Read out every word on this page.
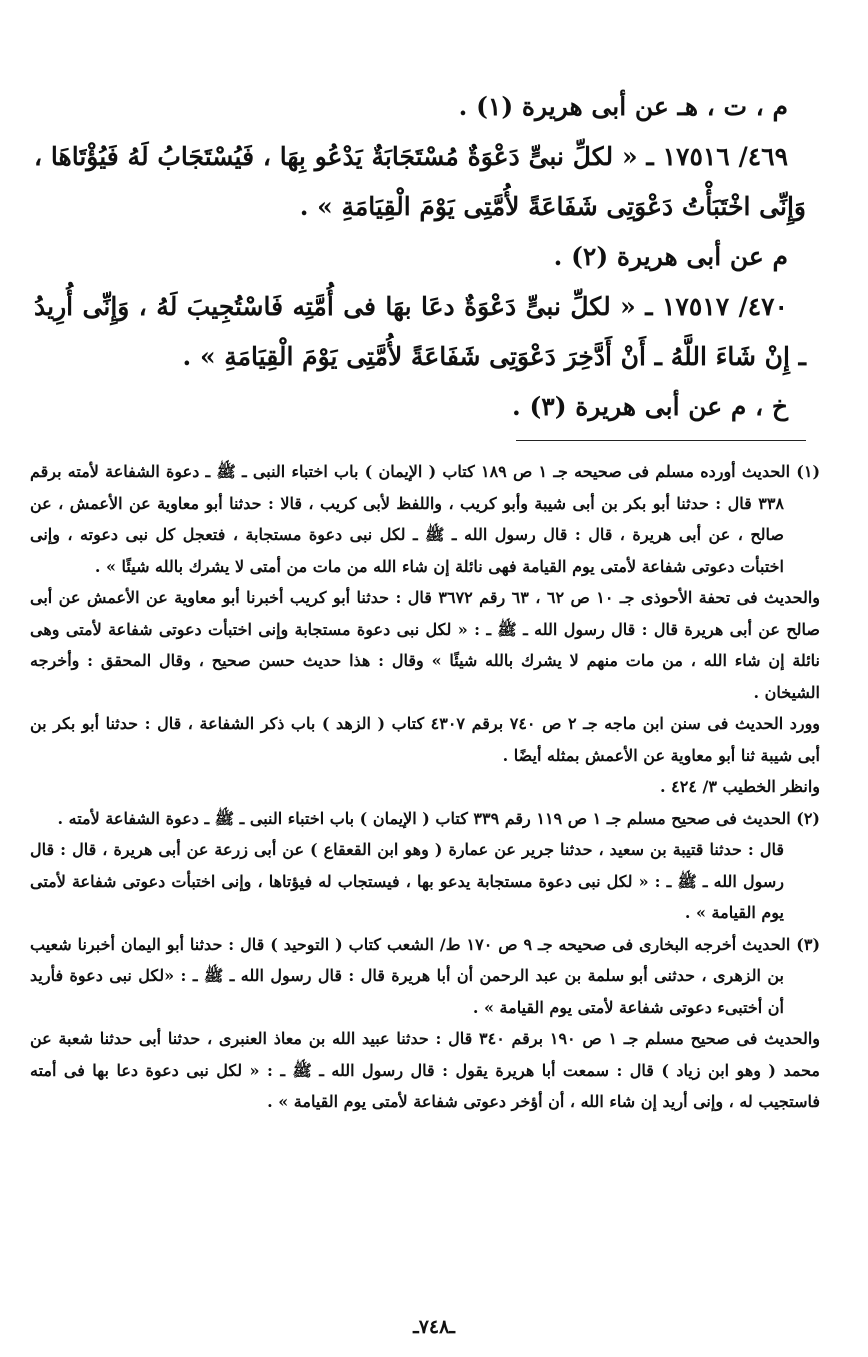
م ، ت ، هـ عن أبى هريرة (١) .

٤٦٩/ ١٧٥١٦ ـ « لكلِّ نبىٍّ دَعْوَةٌ مُسْتَجَابَةٌ يَدْعُو بِهَا ، فَيُسْتَجَابُ لَهُ فَيُؤْتَاهَا ، وَإِنِّى اخْتَبَأْتُ دَعْوَتِى شَفَاعَةً لأُمَّتِى يَوْمَ الْقِيَامَةِ » .

م عن أبى هريرة (٢) .

٤٧٠/ ١٧٥١٧ ـ « لكلِّ نبىٍّ دَعْوَةٌ دعَا بهَا فى أُمَّتِه فَاسْتُجِيبَ لَهُ ، وَإِنِّى أُرِيدُ ـ إِنْ شَاءَ اللَّهُ ـ أَنْ أَدَّخِرَ دَعْوَتِى شَفَاعَةً لأُمَّتِى يَوْمَ الْقِيَامَةِ » .

خ ، م عن أبى هريرة (٣) .

(١) الحديث أورده مسلم فى صحيحه جـ ١ ص ١٨٩ كتاب ( الإيمان ) باب اختباء النبى ـ ﷺ ـ دعوة الشفاعة لأمته برقم ٣٣٨ قال : حدثنا أبو بكر بن أبى شيبة وأبو كريب ، واللفظ لأبى كريب ، قالا : حدثنا أبو معاوية عن الأعمش ، عن صالح ، عن أبى هريرة ، قال : قال رسول الله ـ ﷺ ـ لكل نبى دعوة مستجابة ، فتعجل كل نبى دعوته ، وإنى اختبأت دعوتى شفاعة لأمتى يوم القيامة فهى نائلة إن شاء الله من مات من أمتى لا يشرك بالله شيئًا » .

والحديث فى تحفة الأحوذى جـ ١٠ ص ٦٢ ، ٦٣ رقم ٣٦٧٢ قال : حدثنا أبو كريب أخبرنا أبو معاوية عن الأعمش عن أبى صالح عن أبى هريرة قال : قال رسول الله ـ ﷺ ـ : « لكل نبى دعوة مستجابة وإنى اختبأت دعوتى شفاعة لأمتى وهى نائلة إن شاء الله ، من مات منهم لا يشرك بالله شيئًا » وقال : هذا حديث حسن صحيح ، وقال المحقق : وأخرجه الشيخان .

وورد الحديث فى سنن ابن ماجه جـ ٢ ص ٧٤٠ برقم ٤٣٠٧ كتاب ( الزهد ) باب ذكر الشفاعة ، قال : حدثنا أبو بكر بن أبى شيبة ثنا أبو معاوية عن الأعمش بمثله أيضًا .

وانظر الخطيب ٣/ ٤٢٤ .

(٢) الحديث فى صحيح مسلم جـ ١ ص ١١٩ رقم ٣٣٩ كتاب ( الإيمان ) باب اختباء النبى ـ ﷺ ـ دعوة الشفاعة لأمته .

قال : حدثنا قتيبة بن سعيد ، حدثنا جرير عن عمارة ( وهو ابن القعقاع ) عن أبى زرعة عن أبى هريرة ، قال : قال رسول الله ـ ﷺ ـ : « لكل نبى دعوة مستجابة يدعو بها ، فيستجاب له فيؤتاها ، وإنى اختبأت دعوتى شفاعة لأمتى يوم القيامة » .

(٣) الحديث أخرجه البخارى فى صحيحه جـ ٩ ص ١٧٠ ط/ الشعب كتاب ( التوحيد ) قال : حدثنا أبو اليمان أخبرنا شعيب بن الزهرى ، حدثنى أبو سلمة بن عبد الرحمن أن أبا هريرة قال : قال رسول الله ـ ﷺ ـ : «لكل نبى دعوة فأريد أن أختبىء دعوتى شفاعة لأمتى يوم القيامة » .

والحديث فى صحيح مسلم جـ ١ ص ١٩٠ برقم ٣٤٠ قال : حدثنا عبيد الله بن معاذ العنبرى ، حدثنا أبى حدثنا شعبة عن محمد ( وهو ابن زياد ) قال : سمعت أبا هريرة يقول : قال رسول الله ـ ﷺ ـ : « لكل نبى دعوة دعا بها فى أمته فاستجيب له ، وإنى أريد إن شاء الله ، أن أؤخر دعوتى شفاعة لأمتى يوم القيامة » .

ـ٧٤٨ـ
